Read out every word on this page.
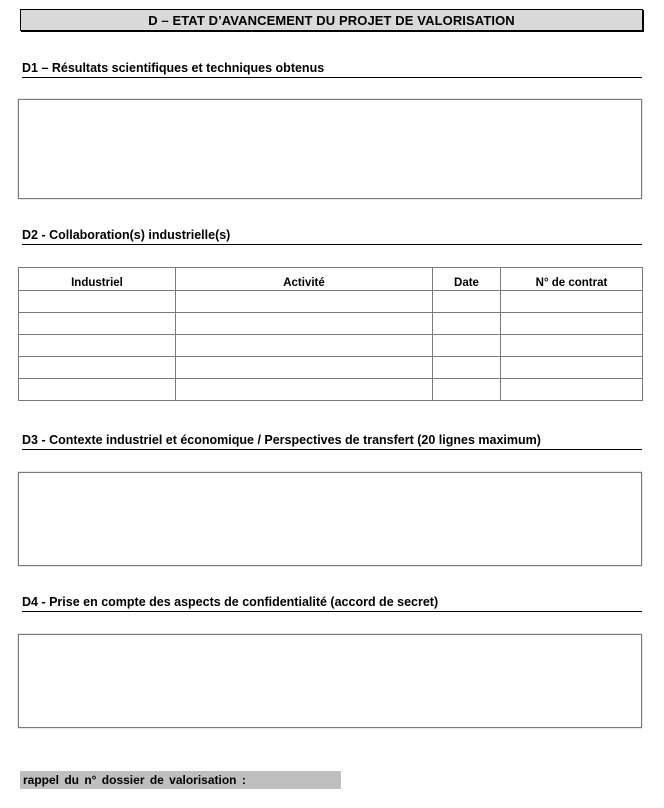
D – ETAT D’AVANCEMENT DU PROJET DE VALORISATION
D1 – Résultats scientifiques et techniques obtenus
D2 - Collaboration(s) industrielle(s)
Industriel	Activité	Date	N° de contrat

D3 - Contexte industriel et économique / Perspectives de transfert (20 lignes maximum)
D4 - Prise en compte des aspects de confidentialité (accord de secret)
rappel du n° dossier de valorisation :
